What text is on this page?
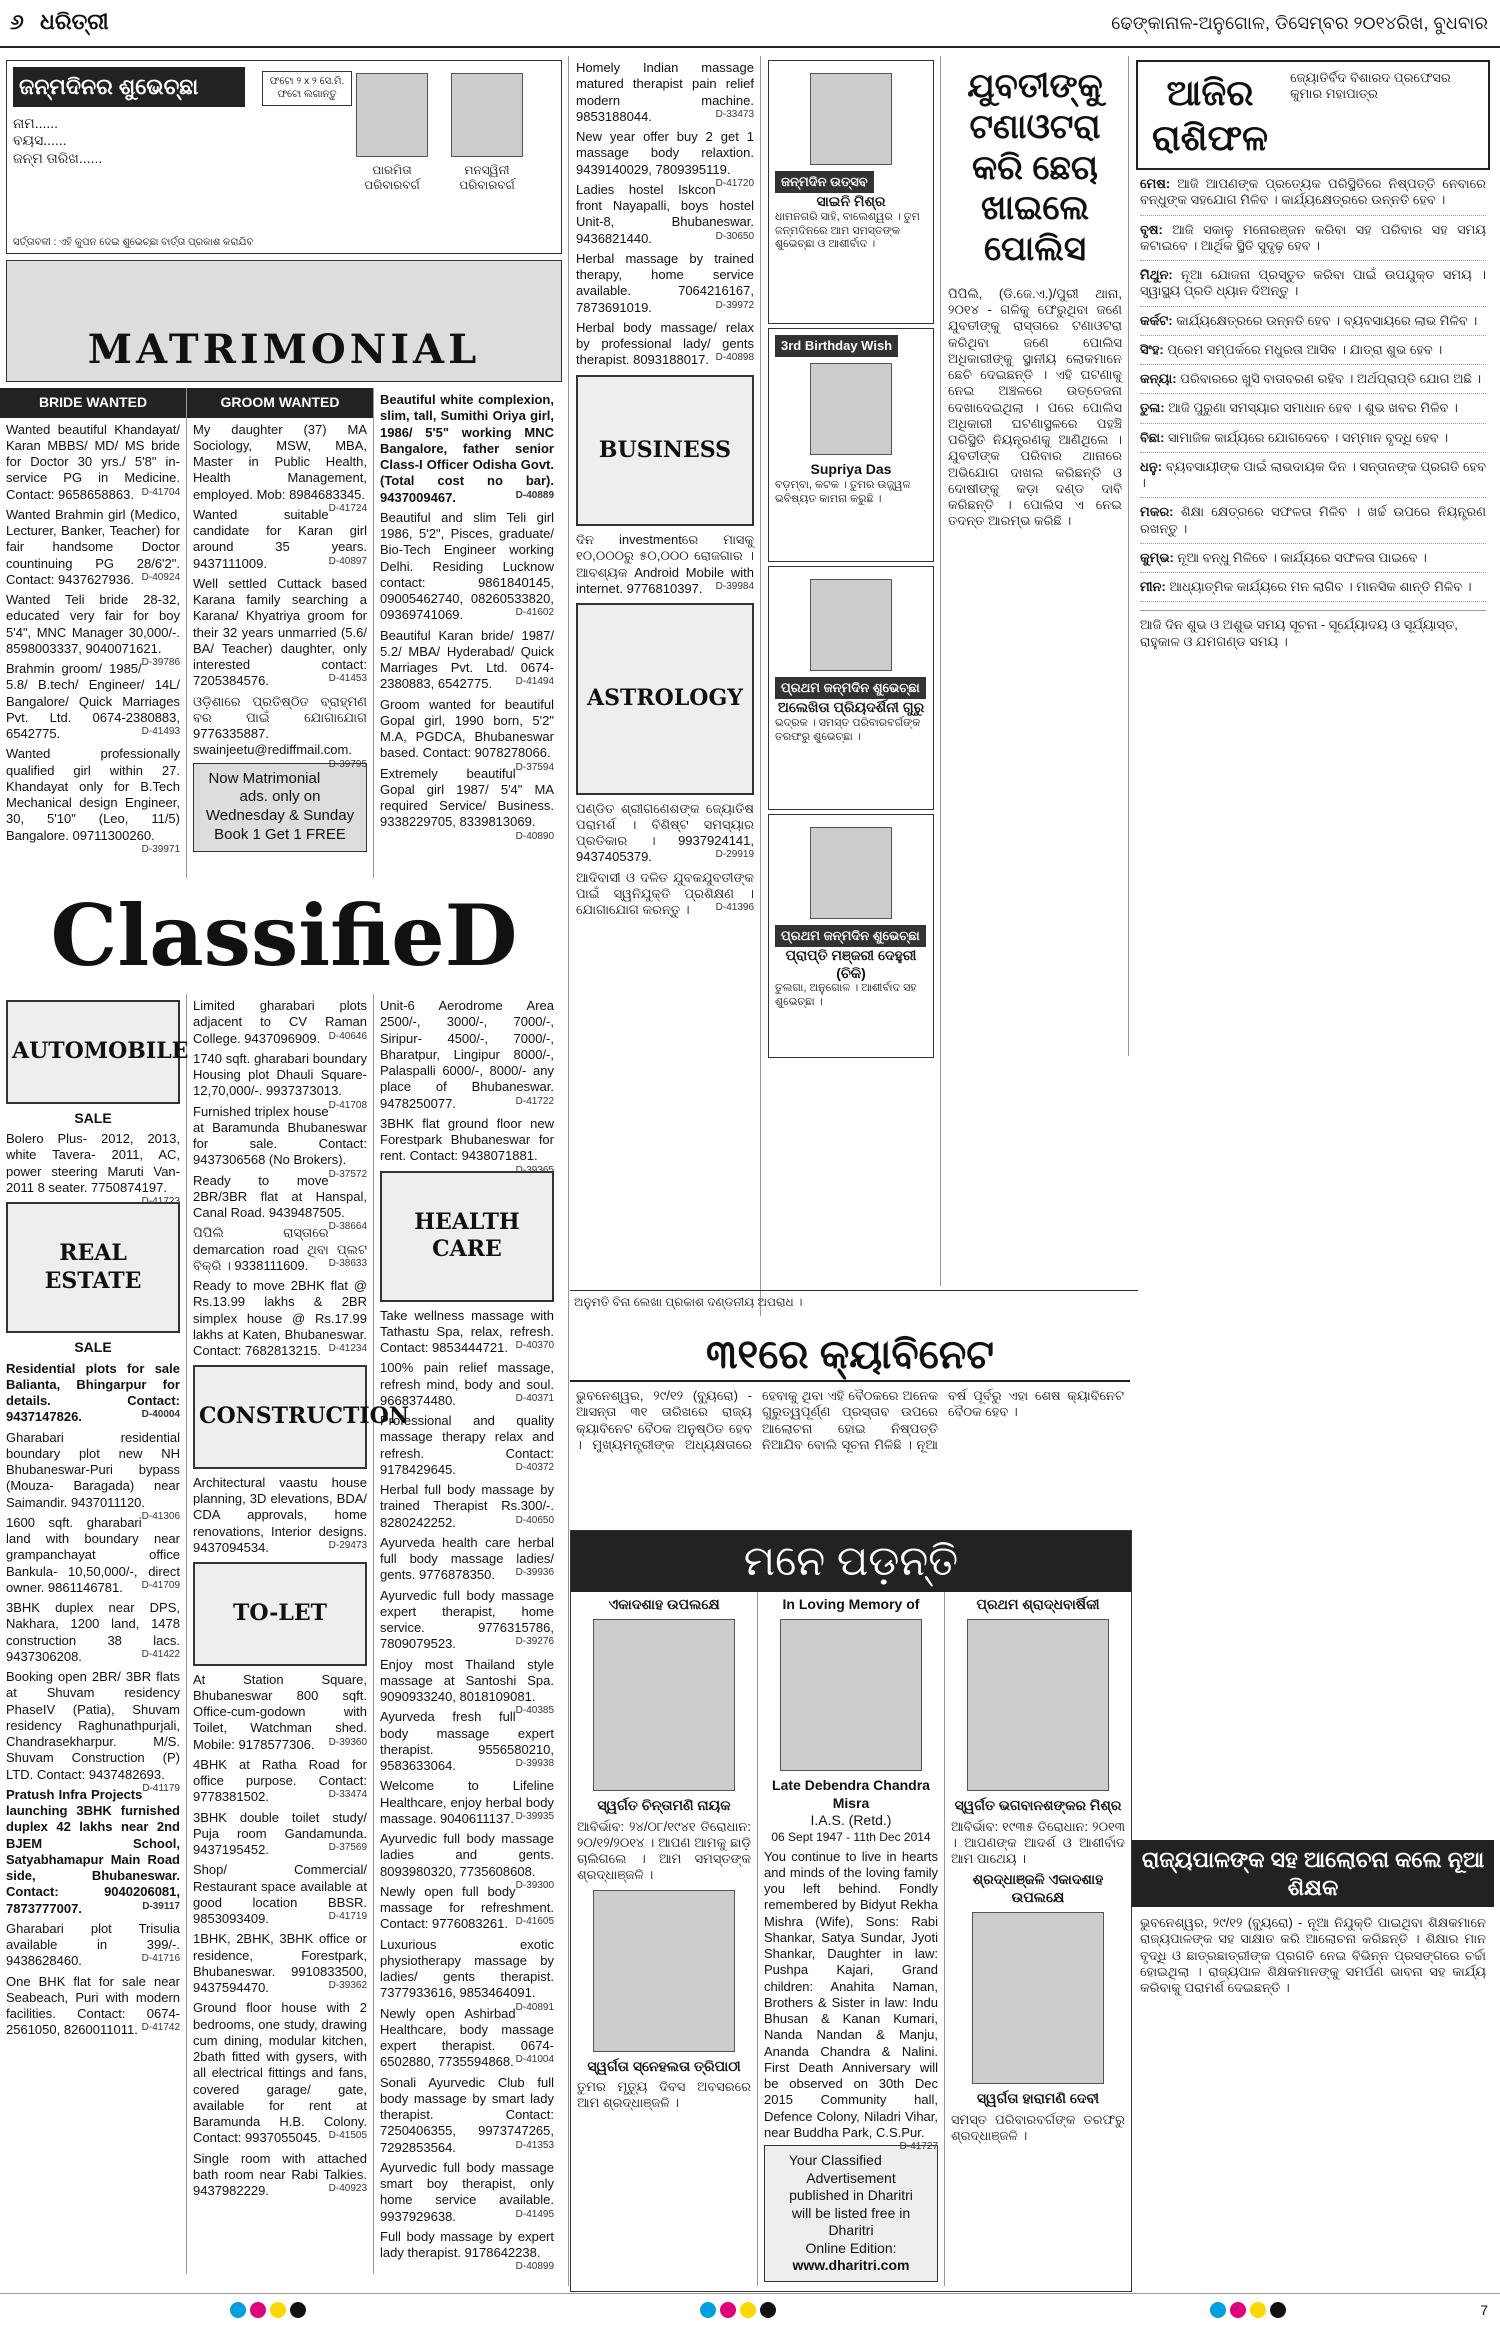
୬ ଧରିତ୍ରୀ	ଢେଙ୍କାନାଳ-ଅନୁଗୋଳ, ଡିସେମ୍ବର ୨୦୧୪ରିଖ, ବୁଧବାର
ଜନ୍ମଦିନର ଶୁଭେଚ୍ଛା
ନାମ......
ବୟସ......
ଜନ୍ମ ତାରିଖ......
ଫଟୋ ୨ x ୨ ସେ.ମି. ଫଟୋ ଲଗାନ୍ତୁ
ପାରମିତା ପରିବାରବର୍ଗ
ମନସ୍ୱିନୀ ପରିବାରବର୍ଗ
ସର୍ତ୍ତାବଳୀ : ଏହି କୁପନ ଦେଇ ଶୁଭେଚ୍ଛା ବାର୍ତ୍ତା ପ୍ରକାଶ କରାଯିବ
MATRIMONIAL
BRIDE WANTED
Wanted beautiful Khandayat/ Karan MBBS/ MD/ MS bride for Doctor 30 yrs./ 5'8" in- service PG in Medicine. Contact: 9658658863. D-41704
Wanted Brahmin girl (Medico, Lecturer, Banker, Teacher) for fair handsome Doctor countinuing PG 28/6'2". Contact: 9437627936. D-40924
Wanted Teli bride 28-32, educated very fair for boy 5'4", MNC Manager 30,000/-. 8598003337, 9040071621.
D-39786
Brahmin groom/ 1985/ 5.8/ B.tech/ Engineer/ 14L/ Bangalore/ Quick Marriages Pvt. Ltd. 0674-2380883, 6542775.	D-41493
Wanted professionally qualified girl within 27. Khandayat only for B.Tech Mechanical design Engineer, 30, 5'10" (Leo, 11/5) Bangalore. 09711300260.
D-39971
GROOM WANTED
My daughter (37) MA Sociology, MSW, MBA, Master in Public Health, Health Management, employed. Mob: 8984683345.
D-41724
Wanted suitable candidate for Karan girl around 35 years. 9437111009.	D-40897
Well settled Cuttack based Karana family searching a Karana/ Khyatriya groom for their 32 years unmarried (5.6/ BA/ Teacher) daughter, only interested contact: 7205384576.	D-41453
ଓଡ଼ିଶାରେ ପ୍ରତିଷ୍ଠିତ ବ୍ରାହ୍ମଣ ବର ପାଇଁ ଯୋଗାଯୋଗ 9776335887. swainjeetu@rediffmail.com.
D-39795
Now Matrimonial ads. only on Wednesday & Sunday Book 1 Get 1 FREE
Beautiful white complexion, slim, tall, Sumithi Oriya girl, 1986/ 5'5" working MNC Bangalore, father senior Class-I Officer Odisha Govt. (Total cost no bar). 9437009467.	D-40889
Beautiful and slim Teli girl 1986, 5'2", Pisces, graduate/ Bio-Tech Engineer working Delhi. Residing Lucknow contact: 9861840145, 09005462740, 08260533820, 09369741069.	D-41602
Beautiful Karan bride/ 1987/ 5.2/ MBA/ Hyderabad/ Quick Marriages Pvt. Ltd. 0674-2380883, 6542775. D-41494
Groom wanted for beautiful Gopal girl, 1990 born, 5'2" M.A, PGDCA, Bhubaneswar based. Contact: 9078278066.
D-37594
Extremely beautiful Gopal girl 1987/ 5'4" MA required Service/ Business. 9338229705, 8339813069.
D-40890
ClassifieD
AUTOMOBILE
SALE
Bolero Plus- 2012, 2013, white Tavera- 2011, AC, power steering Maruti Van-2011 8 seater. 7750874197.
D-41723
REAL ESTATE
SALE
Residential plots for sale Balianta, Bhingarpur for details. Contact: 9437147826.	D-40004
Gharabari residential boundary plot new NH Bhubaneswar-Puri bypass (Mouza- Baragada) near Saimandir. 9437011120.
D-41306
1600 sqft. gharabari land with boundary near grampanchayat office Bankula- 10,50,000/-, direct owner. 9861146781. D-41709
3BHK duplex near DPS, Nakhara, 1200 land, 1478 construction 38 lacs. 9437306208.	D-41422
Booking open 2BR/ 3BR flats at Shuvam residency PhaseIV (Patia), Shuvam residency Raghunathpurjali, Chandrasekharpur. M/S. Shuvam Construction (P) LTD. Contact: 9437482693.
D-41179
Pratush Infra Projects launching 3BHK furnished duplex 42 lakhs near 2nd BJEM School, Satyabhamapur Main Road side, Bhubaneswar. Contact: 9040206081, 7873777007.	D-39117
Gharabari plot Trisulia available in 399/-. 9438628460.	D-41716
One BHK flat for sale near Seabeach, Puri with modern facilities. Contact: 0674-2561050, 8260011011. D-41742
Limited gharabari plots adjacent to CV Raman College. 9437096909. D-40646
1740 sqft. gharabari boundary Housing plot Dhauli Square- 12,70,000/-. 9937373013.
D-41708
Furnished triplex house at Baramunda Bhubaneswar for sale. Contact: 9437306568 (No Brokers).
D-37572
Ready to move 2BR/3BR flat at Hanspal, Canal Road. 9439487505.
D-38664
ପିପିଲି ରାସ୍ତାରେ demarcation road ଥିବା ପ୍ଲଟ ବିକ୍ରି । 9338111609. D-38633
Ready to move 2BHK flat @ Rs.13.99 lakhs & 2BR simplex house @ Rs.17.99 lakhs at Katen, Bhubaneswar. Contact: 7682813215. D-41234
CONSTRUCTION
Architectural vaastu house planning, 3D elevations, BDA/ CDA approvals, home renovations, Interior designs. 9437094534.	D-29473
TO-LET
At Station Square, Bhubaneswar 800 sqft. Office-cum-godown with Toilet, Watchman shed. Mobile: 9178577306. D-39360
4BHK at Ratha Road for office purpose. Contact: 9778381502.	D-33474
3BHK double toilet study/ Puja room Gandamunda. 9437195452.	D-37569
Shop/ Commercial/ Restaurant space available at good location BBSR. 9853093409.	D-41719
1BHK, 2BHK, 3BHK office or residence, Forestpark, Bhubaneswar. 9910833500, 9437594470.	D-39362
Ground floor house with 2 bedrooms, one study, drawing cum dining, modular kitchen, 2bath fitted with gysers, with all electrical fittings and fans, covered garage/ gate, available for rent at Baramunda H.B. Colony. Contact: 9937055045. D-41505
Single room with attached bath room near Rabi Talkies. 9437982229.	D-40923
Unit-6 Aerodrome Area 2500/-, 3000/-, 7000/-, Siripur- 4500/-, 7000/-, Bharatpur, Lingipur 8000/-, Palaspalli 6000/-, 8000/- any place of Bhubaneswar. 9478250077.	D-41722
3BHK flat ground floor new Forestpark Bhubaneswar for rent. Contact: 9438071881.
D-39365
HEALTH CARE
Take wellness massage with Tathastu Spa, relax, refresh. Contact: 9853444721. D-40370
100% pain relief massage, refresh mind, body and soul. 9668374480.	D-40371
Professional and quality massage therapy relax and refresh. Contact: 9178429645.	D-40372
Herbal full body massage by trained Therapist Rs.300/-. 8280242252.	D-40650
Ayurveda health care herbal full body massage ladies/ gents. 9776878350. D-39936
Ayurvedic full body massage expert therapist, home service. 9776315786, 7809079523.	D-39276
Enjoy most Thailand style massage at Santoshi Spa. 9090933240, 8018109081.
D-40385
Ayurveda fresh full body massage expert therapist. 9556580210, 9583633064.	D-39938
Welcome to Lifeline Healthcare, enjoy herbal body massage. 9040611137. D-39935
Ayurvedic full body massage ladies and gents. 8093980320, 7735608608.
D-39300
Newly open full body massage for refreshment. Contact: 9776083261. D-41605
Luxurious exotic physiotherapy massage by ladies/ gents therapist. 7377933616, 9853464091.
D-40891
Newly open Ashirbad Healthcare, body massage expert therapist. 0674-6502880, 7735594868. D-41004
Sonali Ayurvedic Club full body massage by smart lady therapist. Contact: 7250406355, 9973747265, 7292853564.	D-41353
Ayurvedic full body massage smart boy therapist, only home service available. 9937929638.	D-41495
Full body massage by expert lady therapist. 9178642238.
D-40899
Homely Indian massage matured therapist pain relief modern machine. 9853188044.	D-33473
New year offer buy 2 get 1 massage body relaxtion. 9439140029, 7809395119.
D-41720
Ladies hostel Iskcon front Nayapalli, boys hostel Unit-8, Bhubaneswar. 9436821440.	D-30650
Herbal massage by trained therapy, home service available. 7064216167, 7873691019.	D-39972
Herbal body massage/ relax by professional lady/ gents therapist. 8093188017. D-40898
BUSINESS
ଦିନ investmentରେ ମାସକୁ ୧୦,୦୦୦ରୁ ୫୦,୦୦୦ ରୋଜଗାର । ଆବଶ୍ୟକ Android Mobile with internet. 9776810397. D-39984
ASTROLOGY
ପଣ୍ଡିତ ଶ୍ରୀଗଣେଶଙ୍କ ଜ୍ୟୋତିଷ ପରାମର୍ଶ । ବିଶିଷ୍ଟ ସମସ୍ୟାର ପ୍ରତିକାର । 9937924141, 9437405379.	D-29919
ଆଦିବାସୀ ଓ ଦଳିତ ଯୁବକଯୁବତୀଙ୍କ ପାଇଁ ସ୍ୱନିଯୁକ୍ତି ପ୍ରଶିକ୍ଷଣ । ଯୋଗାଯୋଗ କରନ୍ତୁ ।	D-41396
ଜନ୍ମଦିନ ଉତ୍ସବ
ସାଇନି ମିଶ୍ର
ଧାମନଗରି ସାହି, ବାଲେଶ୍ୱର । ତୁମ ଜନ୍ମଦିନରେ ଆମ ସମସ୍ତଙ୍କ ଶୁଭେଚ୍ଛା ଓ ଆଶୀର୍ବାଦ ।
3rd Birthday Wish
Supriya Das
ବଡ଼ମ୍ବା, କଟକ । ତୁମର ଉଜ୍ଜ୍ୱଳ ଭବିଷ୍ୟତ କାମନା କରୁଛି ।
ପ୍ରଥମ ଜନ୍ମଦିନ ଶୁଭେଚ୍ଛା
ଅଲେଖିତା ପ୍ରିୟଦର୍ଶିନୀ ଗୁରୁ
ଭଦ୍ରକ । ସମସ୍ତ ପରିବାରବର୍ଗଙ୍କ ତରଫରୁ ଶୁଭେଚ୍ଛା ।
ପ୍ରଥମ ଜନ୍ମଦିନ ଶୁଭେଚ୍ଛା
ପ୍ରାପ୍ତି ମଞ୍ଜରୀ ଦେହୁରୀ (ଚିକି)
ତୁଲଗା, ଅନୁଗୋଳ । ଆଶୀର୍ବାଦ ସହ ଶୁଭେଚ୍ଛା ।
ଯୁବତୀଙ୍କୁ ଟଣାଓଟରା କରି ଛେଚା ଖାଇଲେ ପୋଲିସ
ପିପିଲି, (ଡି.ଜେ.ଏ.)/ପୁରୀ ଥାନା, ୨୦୧୪ - ଗଳିକୁ ଫେରୁଥିବା ଜଣେ ଯୁବତୀଙ୍କୁ ରାସ୍ତାରେ ଟଣାଓଟରା କରିଥିବା ଜଣେ ପୋଲିସ ଅଧିକାରୀଙ୍କୁ ସ୍ଥାନୀୟ ଲୋକମାନେ ଛେଚି ଦେଇଛନ୍ତି । ଏହି ଘଟଣାକୁ ନେଇ ଅଞ୍ଚଳରେ ଉତ୍ତେଜନା ଦେଖାଦେଇଥିଲା । ପରେ ପୋଲିସ ଅଧିକାରୀ ଘଟଣାସ୍ଥଳରେ ପହଞ୍ଚି ପରିସ୍ଥିତି ନିୟନ୍ତ୍ରଣକୁ ଆଣିଥିଲେ । ଯୁବତୀଙ୍କ ପରିବାର ଥାନାରେ ଅଭିଯୋଗ ଦାଖଲ କରିଛନ୍ତି ଓ ଦୋଷୀଙ୍କୁ କଡ଼ା ଦଣ୍ଡ ଦାବି କରିଛନ୍ତି । ପୋଲିସ ଏ ନେଇ ତଦନ୍ତ ଆରମ୍ଭ କରିଛି ।
ଅନୁମତି ବିନା ଲେଖା ପ୍ରକାଶ ଦଣ୍ଡନୀୟ ଅପରାଧ ।
୩୧ରେ କ୍ୟାବିନେଟ
ଭୁବନେଶ୍ୱର, ୨୯/୧୨ (ବ୍ୟୁରୋ) - ଆସନ୍ତା ୩୧ ତାରିଖରେ ରାଜ୍ୟ କ୍ୟାବିନେଟ ବୈଠକ ଅନୁଷ୍ଠିତ ହେବ । ମୁଖ୍ୟମନ୍ତ୍ରୀଙ୍କ ଅଧ୍ୟକ୍ଷତାରେ ହେବାକୁ ଥିବା ଏହି ବୈଠକରେ ଅନେକ ଗୁରୁତ୍ୱପୂର୍ଣ୍ଣ ପ୍ରସ୍ତାବ ଉପରେ ଆଲୋଚନା ହୋଇ ନିଷ୍ପତ୍ତି ନିଆଯିବ ବୋଲି ସୂଚନା ମିଳିଛି । ନୂଆ ବର୍ଷ ପୂର୍ବରୁ ଏହା ଶେଷ କ୍ୟାବିନେଟ ବୈଠକ ହେବ ।
ମନେ ପଡ଼ନ୍ତି
ଏକାଦଶାହ ଉପଲକ୍ଷେ
ସ୍ୱର୍ଗତ ଚିନ୍ତାମଣି ନାୟକ
ଆବିର୍ଭାବ: ୨୪/୦୮/୧୯୪୧ ତିରୋଧାନ: ୨୦/୧୨/୨୦୧୪ । ଆପଣ ଆମକୁ ଛାଡ଼ି ଚାଲିଗଲେ । ଆମ ସମସ୍ତଙ୍କ ଶ୍ରଦ୍ଧାଞ୍ଜଳି ।
ସ୍ୱର୍ଗତା ସ୍ନେହଲତା ତ୍ରିପାଠୀ
ତୁମର ମୃତ୍ୟୁ ଦିବସ ଅବସରରେ ଆମ ଶ୍ରଦ୍ଧାଞ୍ଜଳି ।
In Loving Memory of
Late Debendra Chandra Misra
I.A.S. (Retd.)
06 Sept 1947 - 11th Dec 2014
You continue to live in hearts and minds of the loving family you left behind. Fondly remembered by Bidyut Rekha Mishra (Wife), Sons: Rabi Shankar, Satya Sundar, Jyoti Shankar, Daughter in law: Pushpa Kajari, Grand children: Anahita Naman, Brothers & Sister in law: Indu Bhusan & Kanan Kumari, Nanda Nandan & Manju, Ananda Chandra & Nalini. First Death Anniversary will be observed on 30th Dec 2015 Community hall, Defence Colony, Niladri Vihar, near Buddha Park, C.S.Pur.
D-41727
Your Classified
Advertisement
published in Dharitri
will be listed free in
Dharitri
Online Edition:
www.dharitri.com
ପ୍ରଥମ ଶ୍ରାଦ୍ଧବାର୍ଷିକୀ
ସ୍ୱର୍ଗତ ଭଗବାନଶଙ୍କର ମିଶ୍ର
ଆବିର୍ଭାବ: ୧୯୩୫ ତିରୋଧାନ: ୨୦୧୩ । ଆପଣଙ୍କ ଆଦର୍ଶ ଓ ଆଶୀର୍ବାଦ ଆମ ପାଥେୟ ।
ଶ୍ରଦ୍ଧାଞ୍ଜଳି ଏକାଦଶାହ ଉପଲକ୍ଷେ
ସ୍ୱର୍ଗତା ହାରାମଣି ଦେବୀ
ସମସ୍ତ ପରିବାରବର୍ଗଙ୍କ ତରଫରୁ ଶ୍ରଦ୍ଧାଞ୍ଜଳି ।
ଆଜିର ରାଶିଫଳ
ଜ୍ୟୋତିର୍ବିଦ ବିଶାରଦ ପ୍ରଫେସର କୁମାର ମହାପାତ୍ର
ମେଷ: ଆଜି ଆପଣଙ୍କ ପ୍ରତ୍ୟେକ ପରିସ୍ଥିତିରେ ନିଷ୍ପତ୍ତି ନେବାରେ ବନ୍ଧୁଙ୍କ ସହଯୋଗ ମିଳିବ । କାର୍ଯ୍ୟକ୍ଷେତ୍ରରେ ଉନ୍ନତି ହେବ ।
ବୃଷ: ଆଜି ସକାଳୁ ମନୋରଞ୍ଜନ କରିବା ସହ ପରିବାର ସହ ସମୟ କଟାଇବେ । ଆର୍ଥିକ ସ୍ଥିତି ସୁଦୃଢ଼ ହେବ ।
ମିଥୁନ: ନୂଆ ଯୋଜନା ପ୍ରସ୍ତୁତ କରିବା ପାଇଁ ଉପଯୁକ୍ତ ସମୟ । ସ୍ୱାସ୍ଥ୍ୟ ପ୍ରତି ଧ୍ୟାନ ଦିଅନ୍ତୁ ।
କର୍କଟ: କାର୍ଯ୍ୟକ୍ଷେତ୍ରରେ ଉନ୍ନତି ହେବ । ବ୍ୟବସାୟରେ ଲାଭ ମିଳିବ ।
ସିଂହ: ପ୍ରେମ ସମ୍ପର୍କରେ ମଧୁରତା ଆସିବ । ଯାତ୍ରା ଶୁଭ ହେବ ।
କନ୍ୟା: ପରିବାରରେ ଖୁସି ବାତାବରଣ ରହିବ । ଅର୍ଥପ୍ରାପ୍ତି ଯୋଗ ଅଛି ।
ତୁଳା: ଆଜି ପୁରୁଣା ସମସ୍ୟାର ସମାଧାନ ହେବ । ଶୁଭ ଖବର ମିଳିବ ।
ବିଛା: ସାମାଜିକ କାର୍ଯ୍ୟରେ ଯୋଗଦେବେ । ସମ୍ମାନ ବୃଦ୍ଧି ହେବ ।
ଧନୁ: ବ୍ୟବସାୟୀଙ୍କ ପାଇଁ ଲାଭଦାୟକ ଦିନ । ସନ୍ତାନଙ୍କ ପ୍ରଗତି ହେବ ।
ମକର: ଶିକ୍ଷା କ୍ଷେତ୍ରରେ ସଫଳତା ମିଳିବ । ଖର୍ଚ୍ଚ ଉପରେ ନିୟନ୍ତ୍ରଣ ରଖନ୍ତୁ ।
କୁମ୍ଭ: ନୂଆ ବନ୍ଧୁ ମିଳିବେ । କାର୍ଯ୍ୟରେ ସଫଳତା ପାଇବେ ।
ମୀନ: ଆଧ୍ୟାତ୍ମିକ କାର୍ଯ୍ୟରେ ମନ ଲାଗିବ । ମାନସିକ ଶାନ୍ତି ମିଳିବ ।
ଆଜି ଦିନ ଶୁଭ ଓ ଅଶୁଭ ସମୟ ସୂଚନା - ସୂର୍ଯ୍ୟୋଦୟ ଓ ସୂର୍ଯ୍ୟାସ୍ତ, ରାହୁକାଳ ଓ ଯମଗଣ୍ଡ ସମୟ ।
ରାଜ୍ୟପାଳଙ୍କ ସହ ଆଲୋଚନା କଲେ ନୂଆ ଶିକ୍ଷକ
ଭୁବନେଶ୍ୱର, ୨୯/୧୨ (ବ୍ୟୁରୋ) - ନୂଆ ନିଯୁକ୍ତି ପାଇଥିବା ଶିକ୍ଷକମାନେ ରାଜ୍ୟପାଳଙ୍କ ସହ ସାକ୍ଷାତ କରି ଆଲୋଚନା କରିଛନ୍ତି । ଶିକ୍ଷାର ମାନ ବୃଦ୍ଧି ଓ ଛାତ୍ରଛାତ୍ରୀଙ୍କ ପ୍ରଗତି ନେଇ ବିଭିନ୍ନ ପ୍ରସଙ୍ଗରେ ଚର୍ଚ୍ଚା ହୋଇଥିଲା । ରାଜ୍ୟପାଳ ଶିକ୍ଷକମାନଙ୍କୁ ସମର୍ପଣ ଭାବନା ସହ କାର୍ଯ୍ୟ କରିବାକୁ ପରାମର୍ଶ ଦେଇଛନ୍ତି ।
7
